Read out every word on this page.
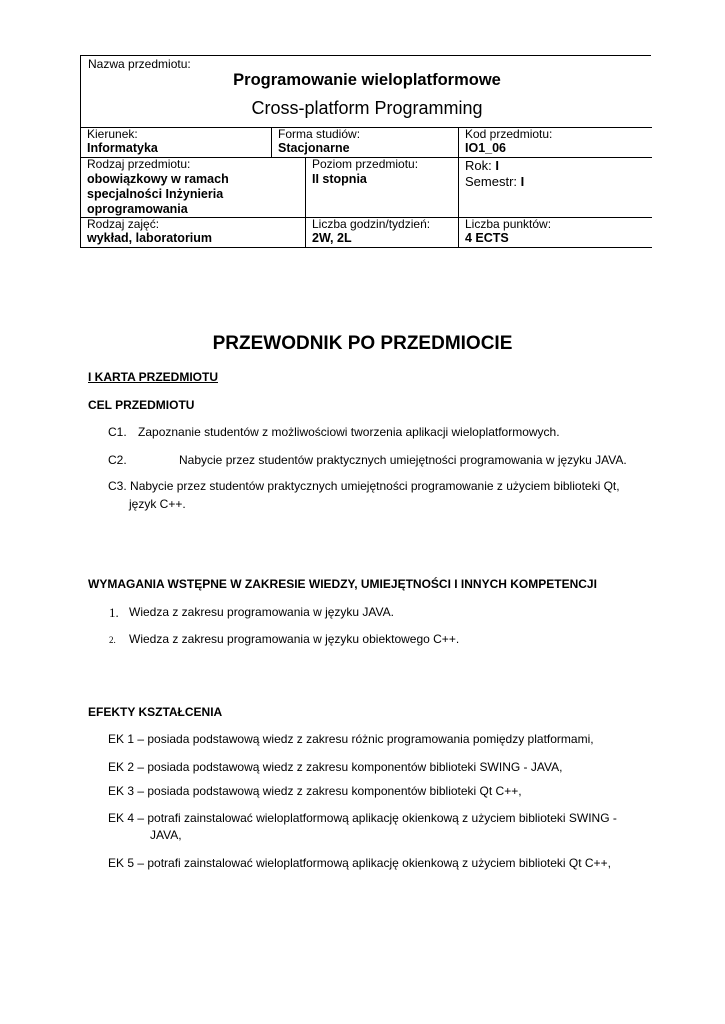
Nazwa przedmiotu:
Programowanie wieloplatformowe
Cross-platform Programming
Kierunek:
Informatyka
Forma studiów:
Stacjonarne
Kod przedmiotu:
IO1_06
Rodzaj przedmiotu:
obowiązkowy w ramach
specjalności Inżynieria
oprogramowania
Poziom przedmiotu:
II stopnia
Rok: I
Semestr: I
Rodzaj zajęć:
wykład, laboratorium
Liczba godzin/tydzień:
2W, 2L
Liczba punktów:
4 ECTS
PRZEWODNIK PO PRZEDMIOCIE
I KARTA PRZEDMIOTU
CEL PRZEDMIOTU
C1. Zapoznanie studentów z możliwościowi tworzenia aplikacji wieloplatformowych.
C2.	Nabycie przez studentów praktycznych umiejętności programowania w języku JAVA.
C3. Nabycie przez studentów praktycznych umiejętności programowanie z użyciem biblioteki Qt,
język C++.
WYMAGANIA WSTĘPNE W ZAKRESIE WIEDZY, UMIEJĘTNOŚCI I INNYCH KOMPETENCJI
1. Wiedza z zakresu programowania w języku JAVA.
2. Wiedza z zakresu programowania w języku obiektowego C++.
EFEKTY KSZTAŁCENIA
EK 1 – posiada podstawową wiedz z zakresu różnic programowania pomiędzy platformami,
EK 2 – posiada podstawową wiedz z zakresu komponentów biblioteki SWING - JAVA,
EK 3 – posiada podstawową wiedz z zakresu komponentów biblioteki Qt C++,
EK 4 – potrafi zainstalować wieloplatformową aplikację okienkową z użyciem biblioteki SWING -
JAVA,
EK 5 – potrafi zainstalować wieloplatformową aplikację okienkową z użyciem biblioteki Qt C++,
